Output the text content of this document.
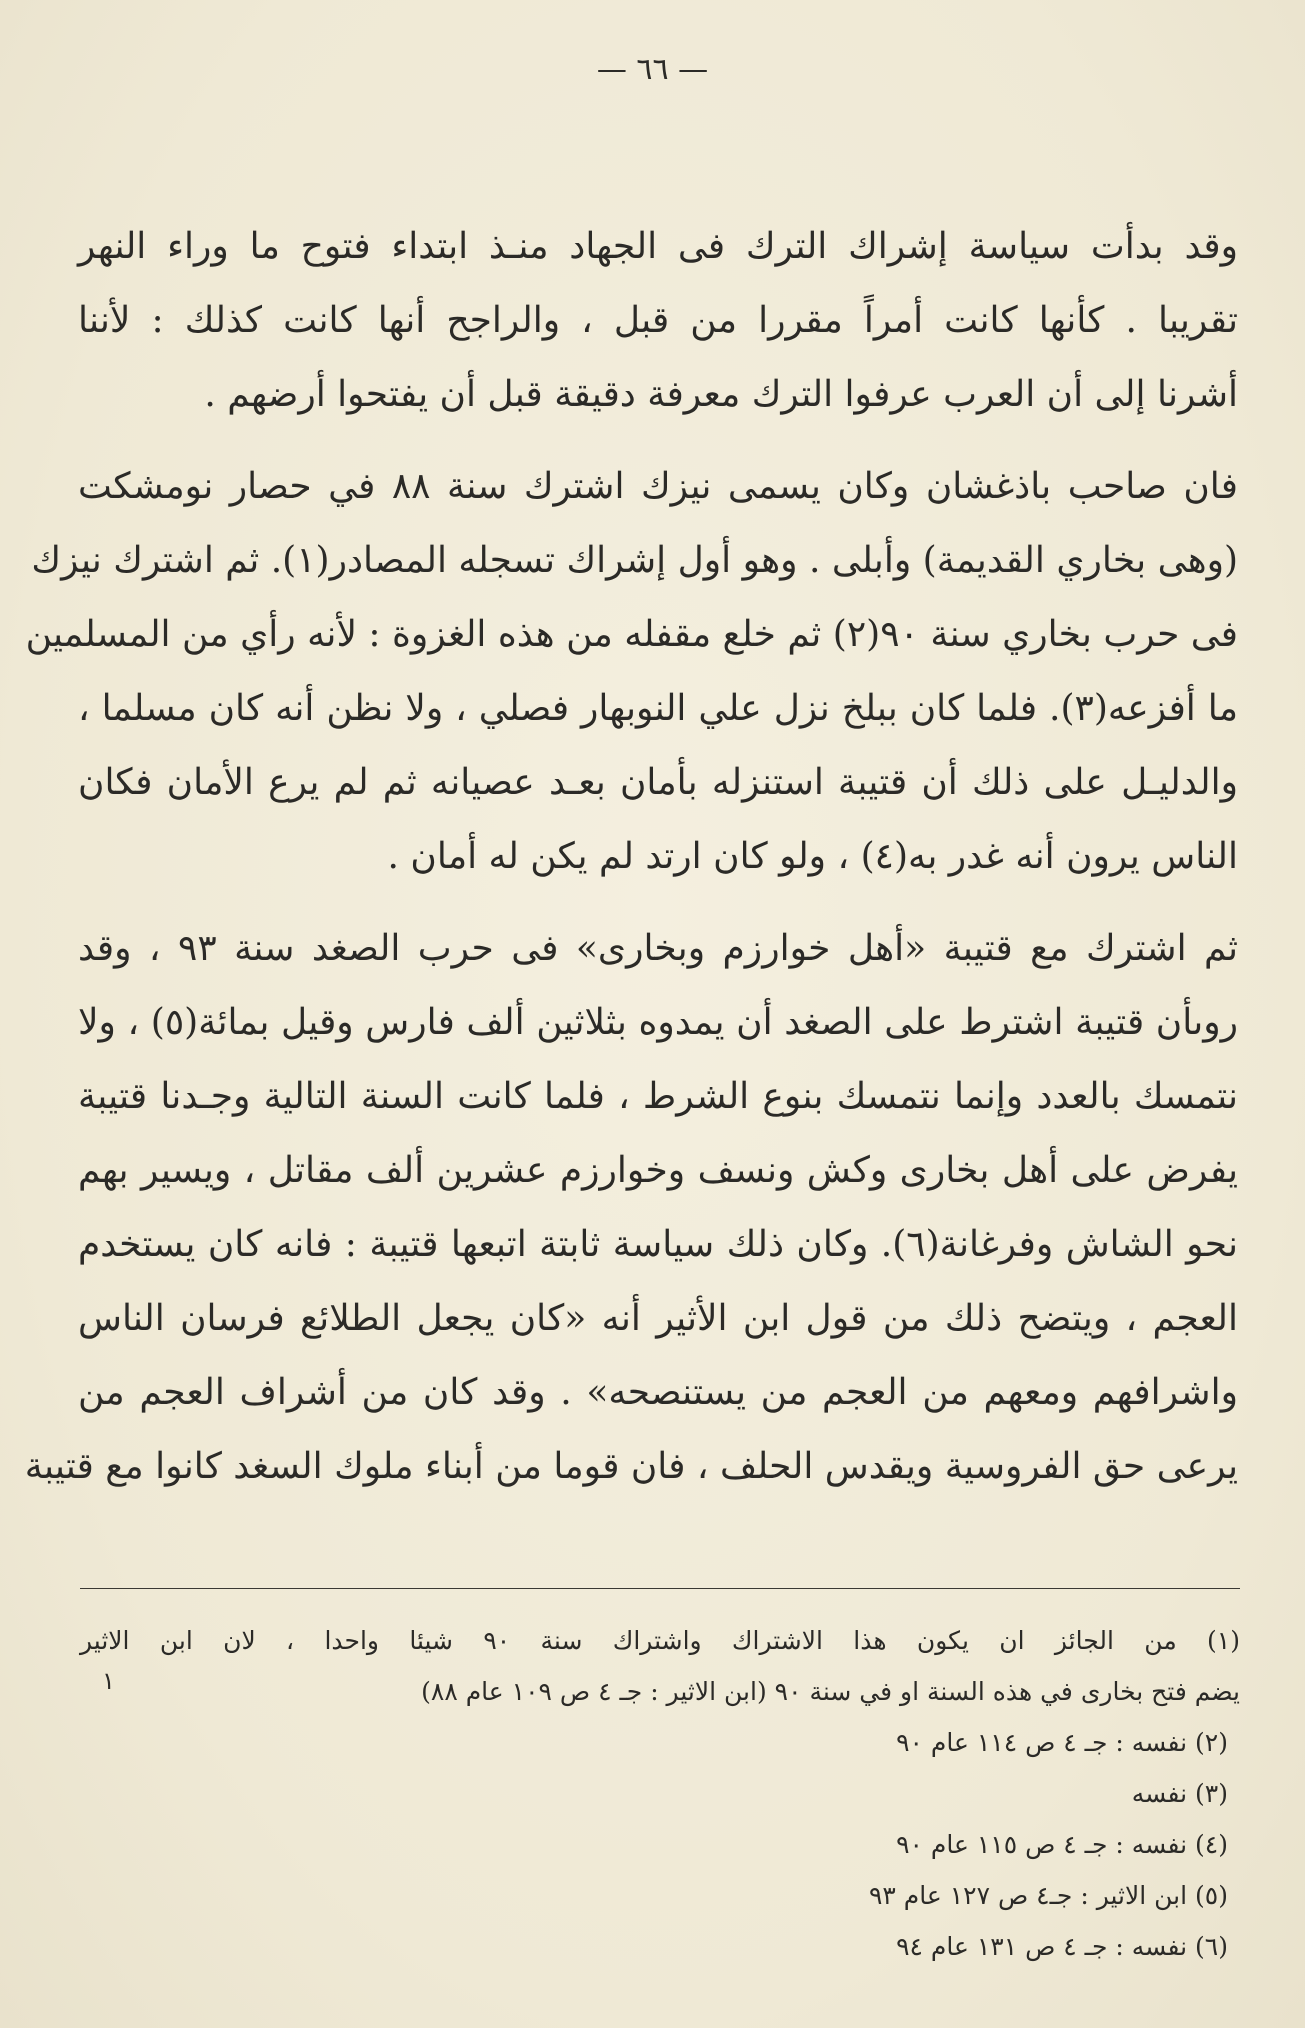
— ٦٦ —
وقد بدأت سياسة إشراك الترك فى الجهاد منـذ ابتداء فتوح ما وراء النهر
تقريبا . كأنها كانت أمراً مقررا من قبل ، والراجح أنها كانت كذلك : لأننا
أشرنا إلى أن العرب عرفوا الترك معرفة دقيقة قبل أن يفتحوا أرضهم .
فان صاحب باذغشان وكان يسمى نيزك اشترك سنة ٨٨ في حصار نومشكت
(وهى بخاري القديمة) وأبلى . وهو أول إشراك تسجله المصادر(١). ثم اشترك نيزك
فى حرب بخاري سنة ٩٠(٢) ثم خلع مقفله من هذه الغزوة : لأنه رأي من المسلمين
ما أفزعه(٣). فلما كان ببلخ نزل علي النوبهار فصلي ، ولا نظن أنه كان مسلما ،
والدليـل على ذلك أن قتيبة استنزله بأمان بعـد عصيانه ثم لم يرع الأمان فكان
الناس يرون أنه غدر به(٤) ، ولو كان ارتد لم يكن له أمان .
ثم اشترك مع قتيبة «أهل خوارزم وبخارى» فى حرب الصغد سنة ٩٣ ، وقد
روىأن قتيبة اشترط على الصغد أن يمدوه بثلاثين ألف فارس وقيل بمائة(٥) ، ولا
نتمسك بالعدد وإنما نتمسك بنوع الشرط ، فلما كانت السنة التالية وجـدنا قتيبة
يفرض على أهل بخارى وكش ونسف وخوارزم عشرين ألف مقاتل ، ويسير بهم
نحو الشاش وفرغانة(٦). وكان ذلك سياسة ثابتة اتبعها قتيبة : فانه كان يستخدم
العجم ، ويتضح ذلك من قول ابن الأثير أنه «كان يجعل الطلائع فرسان الناس
واشرافهم ومعهم من العجم من يستنصحه» . وقد كان من أشراف العجم من
يرعى حق الفروسية ويقدس الحلف ، فان قوما من أبناء ملوك السغد كانوا مع قتيبة
(١) من الجائز ان يكون هذا الاشتراك واشتراك سنة ٩٠ شيئا واحدا ، لان ابن الاثير
يضم فتح بخارى في هذه السنة او في سنة ٩٠ (ابن الاثير : جـ ٤ ص ١٠٩ عام ٨٨)
(٢) نفسه : جـ ٤ ص ١١٤ عام ٩٠
(٣) نفسه
(٤) نفسه : جـ ٤ ص ١١٥ عام ٩٠
(٥) ابن الاثير : جـ٤ ص ١٢٧ عام ٩٣
(٦) نفسه : جـ ٤ ص ١٣١ عام ٩٤
١
